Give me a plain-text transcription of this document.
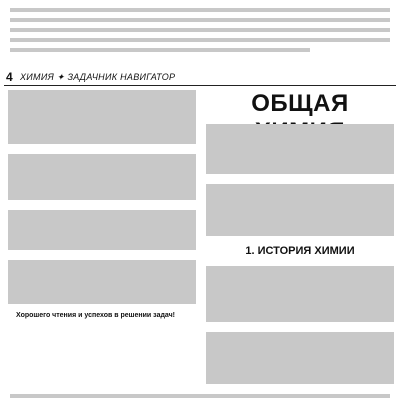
4 ХИМИЯ ✦ ЗАДАЧНИК НАВИГАТОР
Хорошего чтения и успехов в решении задач!
ОБЩАЯ
1. ИСТОРИЯ ХИМИИ
